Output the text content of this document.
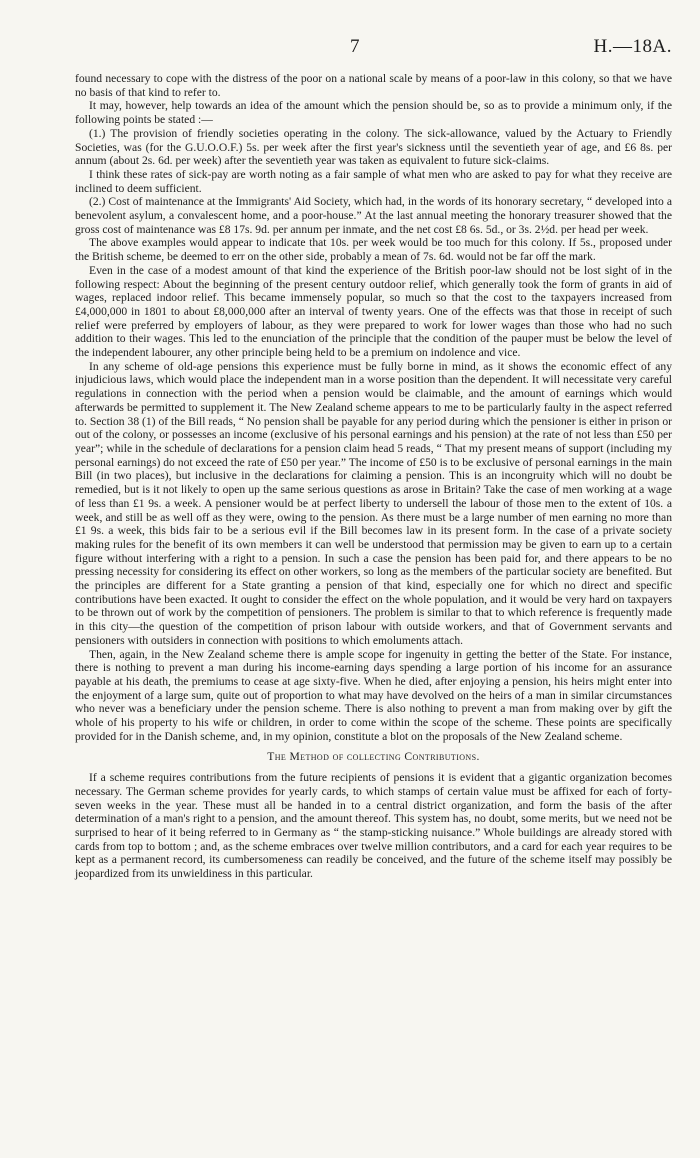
7	H.—18A.

found necessary to cope with the distress of the poor on a national scale by means of a poor-law in this colony, so that we have no basis of that kind to refer to.

It may, however, help towards an idea of the amount which the pension should be, so as to provide a minimum only, if the following points be stated :—

(1.) The provision of friendly societies operating in the colony. The sick-allowance, valued by the Actuary to Friendly Societies, was (for the G.U.O.O.F.) 5s. per week after the first year's sickness until the seventieth year of age, and £6 8s. per annum (about 2s. 6d. per week) after the seventieth year was taken as equivalent to future sick-claims.

I think these rates of sick-pay are worth noting as a fair sample of what men who are asked to pay for what they receive are inclined to deem sufficient.

(2.) Cost of maintenance at the Immigrants' Aid Society, which had, in the words of its honorary secretary, “ developed into a benevolent asylum, a convalescent home, and a poor-house.” At the last annual meeting the honorary treasurer showed that the gross cost of maintenance was £8 17s. 9d. per annum per inmate, and the net cost £8 6s. 5d., or 3s. 2½d. per head per week.

The above examples would appear to indicate that 10s. per week would be too much for this colony. If 5s., proposed under the British scheme, be deemed to err on the other side, probably a mean of 7s. 6d. would not be far off the mark.

Even in the case of a modest amount of that kind the experience of the British poor-law should not be lost sight of in the following respect: About the beginning of the present century outdoor relief, which generally took the form of grants in aid of wages, replaced indoor relief. This became immensely popular, so much so that the cost to the taxpayers increased from £4,000,000 in 1801 to about £8,000,000 after an interval of twenty years. One of the effects was that those in receipt of such relief were preferred by employers of labour, as they were prepared to work for lower wages than those who had no such addition to their wages. This led to the enunciation of the principle that the condition of the pauper must be below the level of the independent labourer, any other principle being held to be a premium on indolence and vice.

In any scheme of old-age pensions this experience must be fully borne in mind, as it shows the economic effect of any injudicious laws, which would place the independent man in a worse position than the dependent. It will necessitate very careful regulations in connection with the period when a pension would be claimable, and the amount of earnings which would afterwards be permitted to supplement it. The New Zealand scheme appears to me to be particularly faulty in the aspect referred to. Section 38 (1) of the Bill reads, “ No pension shall be payable for any period during which the pensioner is either in prison or out of the colony, or possesses an income (exclusive of his personal earnings and his pension) at the rate of not less than £50 per year”; while in the schedule of declarations for a pension claim head 5 reads, “ That my present means of support (including my personal earnings) do not exceed the rate of £50 per year.” The income of £50 is to be exclusive of personal earnings in the main Bill (in two places), but inclusive in the declarations for claiming a pension. This is an incongruity which will no doubt be remedied, but is it not likely to open up the same serious questions as arose in Britain? Take the case of men working at a wage of less than £1 9s. a week. A pensioner would be at perfect liberty to undersell the labour of those men to the extent of 10s. a week, and still be as well off as they were, owing to the pension. As there must be a large number of men earning no more than £1 9s. a week, this bids fair to be a serious evil if the Bill becomes law in its present form. In the case of a private society making rules for the benefit of its own members it can well be understood that permission may be given to earn up to a certain figure without interfering with a right to a pension. In such a case the pension has been paid for, and there appears to be no pressing necessity for considering its effect on other workers, so long as the members of the particular society are benefited. But the principles are different for a State granting a pension of that kind, especially one for which no direct and specific contributions have been exacted. It ought to consider the effect on the whole population, and it would be very hard on taxpayers to be thrown out of work by the competition of pensioners. The problem is similar to that to which reference is frequently made in this city—the question of the competition of prison labour with outside workers, and that of Government servants and pensioners with outsiders in connection with positions to which emoluments attach.

Then, again, in the New Zealand scheme there is ample scope for ingenuity in getting the better of the State. For instance, there is nothing to prevent a man during his income-earning days spending a large portion of his income for an assurance payable at his death, the premiums to cease at age sixty-five. When he died, after enjoying a pension, his heirs might enter into the enjoyment of a large sum, quite out of proportion to what may have devolved on the heirs of a man in similar circumstances who never was a beneficiary under the pension scheme. There is also nothing to prevent a man from making over by gift the whole of his property to his wife or children, in order to come within the scope of the scheme. These points are specifically provided for in the Danish scheme, and, in my opinion, constitute a blot on the proposals of the New Zealand scheme.

The Method of collecting Contributions.

If a scheme requires contributions from the future recipients of pensions it is evident that a gigantic organization becomes necessary. The German scheme provides for yearly cards, to which stamps of certain value must be affixed for each of forty-seven weeks in the year. These must all be handed in to a central district organization, and form the basis of the after determination of a man's right to a pension, and the amount thereof. This system has, no doubt, some merits, but we need not be surprised to hear of it being referred to in Germany as “ the stamp-sticking nuisance.” Whole buildings are already stored with cards from top to bottom ; and, as the scheme embraces over twelve million contributors, and a card for each year requires to be kept as a permanent record, its cumbersomeness can readily be conceived, and the future of the scheme itself may possibly be jeopardized from its unwieldiness in this particular.
